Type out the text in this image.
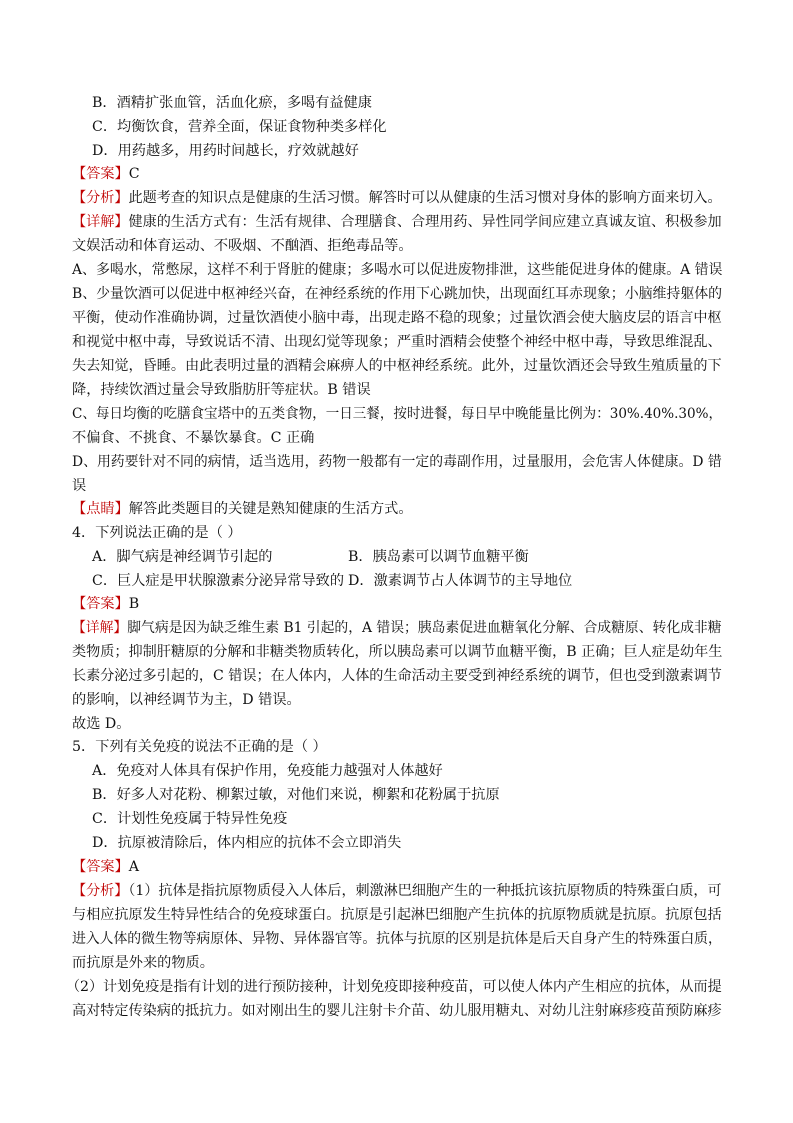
B．酒精扩张血管，活血化瘀，多喝有益健康
C．均衡饮食，营养全面，保证食物种类多样化
D．用药越多，用药时间越长，疗效就越好
【答案】C
【分析】此题考查的知识点是健康的生活习惯。解答时可以从健康的生活习惯对身体的影响方面来切入。
【详解】健康的生活方式有：生活有规律、合理膳食、合理用药、异性同学间应建立真诚友谊、积极参加
文娱活动和体育运动、不吸烟、不酗酒、拒绝毒品等。
A、多喝水，常憋尿，这样不利于肾脏的健康；多喝水可以促进废物排泄，这些能促进身体的健康。A 错误
B、少量饮酒可以促进中枢神经兴奋，在神经系统的作用下心跳加快，出现面红耳赤现象；小脑维持躯体的
平衡，使动作准确协调，过量饮酒使小脑中毒，出现走路不稳的现象；过量饮酒会使大脑皮层的语言中枢
和视觉中枢中毒，导致说话不清、出现幻觉等现象；严重时酒精会使整个神经中枢中毒，导致思维混乱、
失去知觉，昏睡。由此表明过量的酒精会麻痹人的中枢神经系统。此外，过量饮酒还会导致生殖质量的下
降，持续饮酒过量会导致脂肪肝等症状。B 错误
C、每日均衡的吃膳食宝塔中的五类食物，一日三餐，按时进餐，每日早中晚能量比例为：30%.40%.30%，
不偏食、不挑食、不暴饮暴食。C 正确
D、用药要针对不同的病情，适当选用，药物一般都有一定的毒副作用，过量服用，会危害人体健康。D 错
误
【点睛】解答此类题目的关键是熟知健康的生活方式。
4．下列说法正确的是（ ）
A．脚气病是神经调节引起的	B．胰岛素可以调节血糖平衡
C．巨人症是甲状腺激素分泌异常导致的 D．激素调节占人体调节的主导地位
【答案】B
【详解】脚气病是因为缺乏维生素 B1 引起的，A 错误；胰岛素促进血糖氧化分解、合成糖原、转化成非糖
类物质；抑制肝糖原的分解和非糖类物质转化，所以胰岛素可以调节血糖平衡，B 正确；巨人症是幼年生
长素分泌过多引起的，C 错误；在人体内，人体的生命活动主要受到神经系统的调节，但也受到激素调节
的影响，以神经调节为主，D 错误。
故选 D。
5．下列有关免疫的说法不正确的是（ ）
A．免疫对人体具有保护作用，免疫能力越强对人体越好
B．好多人对花粉、柳絮过敏，对他们来说，柳絮和花粉属于抗原
C．计划性免疫属于特异性免疫
D．抗原被清除后，体内相应的抗体不会立即消失
【答案】A
【分析】（1）抗体是指抗原物质侵入人体后，刺激淋巴细胞产生的一种抵抗该抗原物质的特殊蛋白质，可
与相应抗原发生特异性结合的免疫球蛋白。抗原是引起淋巴细胞产生抗体的抗原物质就是抗原。抗原包括
进入人体的微生物等病原体、异物、异体器官等。抗体与抗原的区别是抗体是后天自身产生的特殊蛋白质，
而抗原是外来的物质。
（2）计划免疫是指有计划的进行预防接种，计划免疫即接种疫苗，可以使人体内产生相应的抗体，从而提
高对特定传染病的抵抗力。如对刚出生的婴儿注射卡介苗、幼儿服用糖丸、对幼儿注射麻疹疫苗预防麻疹
